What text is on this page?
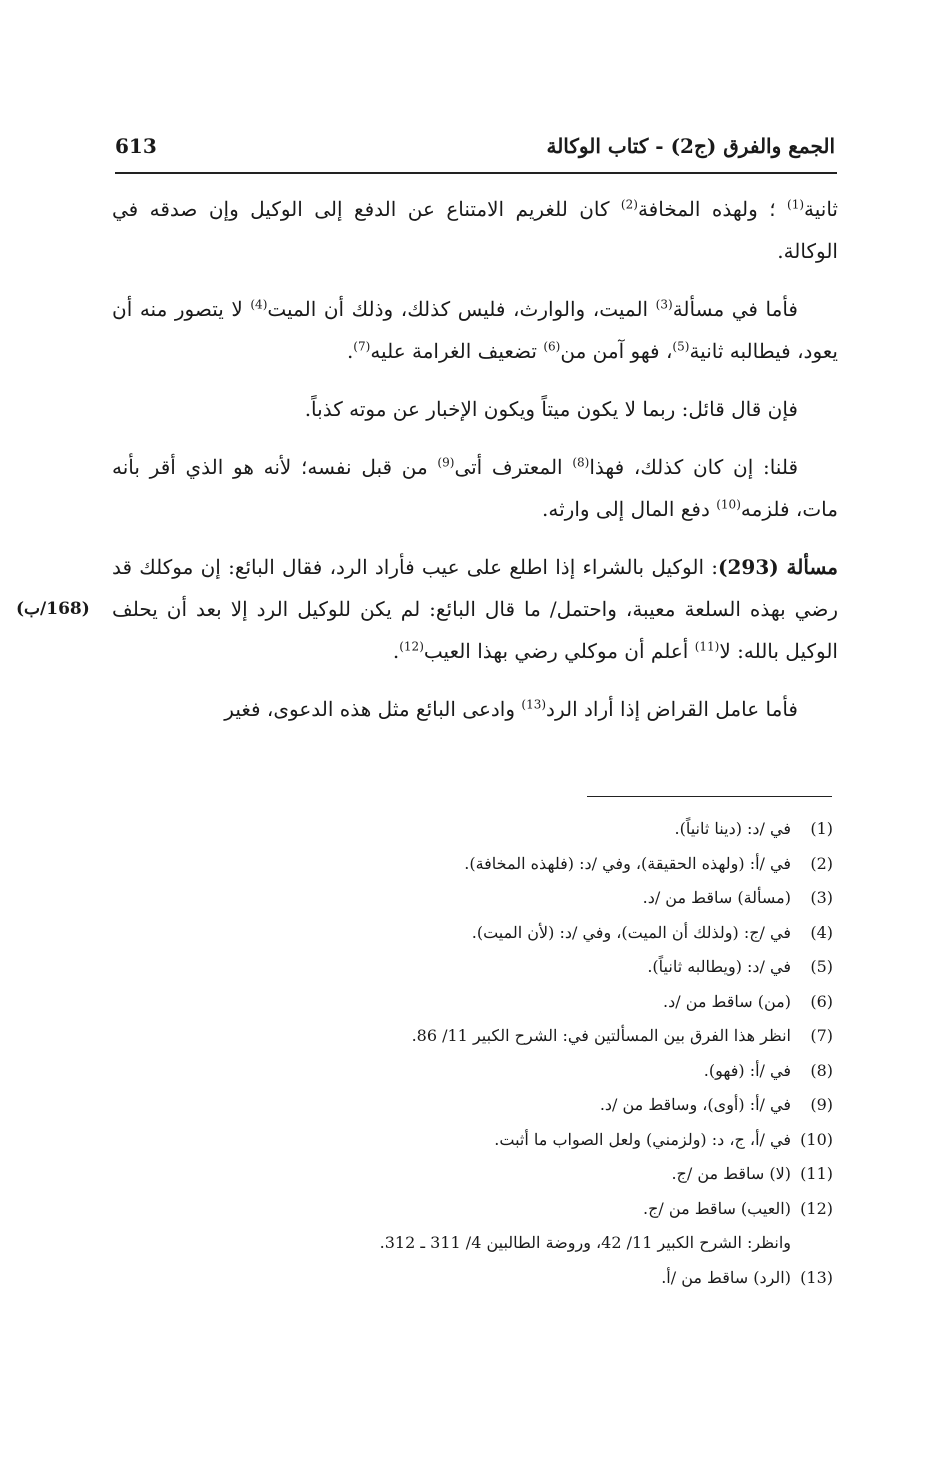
الجمع والفرق (ج2) - كتاب الوكالة
613

ثانية$^{(1)}$ ؛ ولهذه المخافة$^{(2)}$ كان للغريم الامتناع عن الدفع إلى الوكيل وإن صدقه في الوكالة.

فأما في مسألة$^{(3)}$ الميت، والوارث، فليس كذلك، وذلك أن الميت$^{(4)}$ لا يتصور منه أن يعود، فيطالبه ثانية$^{(5)}$، فهو آمن من$^{(6)}$ تضعيف الغرامة عليه$^{(7)}$.

فإن قال قائل: ربما لا يكون ميتاً ويكون الإخبار عن موته كذباً.

قلنا: إن كان كذلك، فهذا$^{(8)}$ المعترف أتى$^{(9)}$ من قبل نفسه؛ لأنه هو الذي أقر بأنه مات، فلزمه$^{(10)}$ دفع المال إلى وارثه.

مسألة (293): الوكيل بالشراء إذا اطلع على عيب فأراد الرد، فقال البائع: إن موكلك قد رضي بهذه السلعة معيبة، واحتمل/ ما قال البائع: لم يكن للوكيل الرد إلا بعد أن يحلف الوكيل بالله: لا$^{(11)}$ أعلم أن موكلي رضي بهذا العيب$^{(12)}$.
(168/ب)

فأما عامل القراض إذا أراد الرد$^{(13)}$ وادعى البائع مثل هذه الدعوى، فغير

(1)
في /د: (دينا ثانياً).
(2)
في /أ: (ولهذه الحقيقة)، وفي /د: (فلهذه المخافة).
(3)
(مسألة) ساقط من /د.
(4)
في /ج: (ولذلك أن الميت)، وفي /د: (لأن الميت).
(5)
في /د: (ويطالبه ثانياً).
(6)
(من) ساقط من /د.
(7)
انظر هذا الفرق بين المسألتين في: الشرح الكبير 11/ 86.
(8)
في /أ: (فهو).
(9)
في /أ: (أوى)، وساقط من /د.
(10)
في /أ، ج، د: (ولزمني) ولعل الصواب ما أثبت.
(11)
(لا) ساقط من /ج.
(12)
(العيب) ساقط من /ج.
وانظر: الشرح الكبير 11/ 42، وروضة الطالبين 4/ 311 ـ 312.
(13)
(الرد) ساقط من /أ.
